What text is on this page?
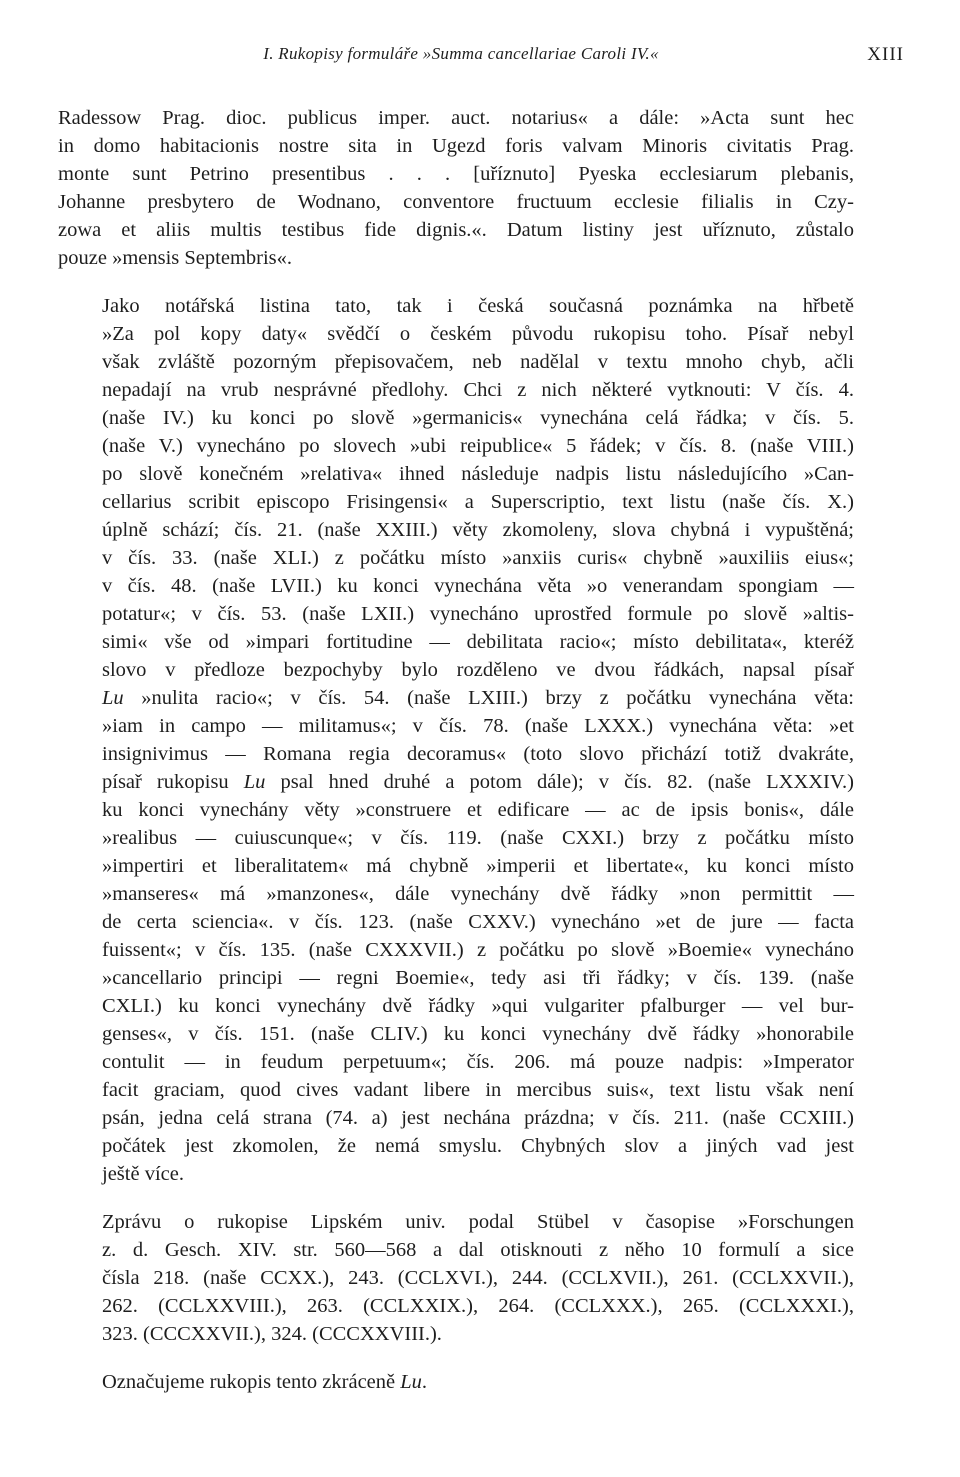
I. Rukopisy formulářе »Summa cancellariae Caroli IV.«	XIII

Radessow Prag. dioc. publicus imper. auct. notarius« a dále: »Acta sunt hec
in domo habitacionis nostre sita in Ugezd foris valvam Minoris civitatis Prag.
monte sunt Petrino presentibus . . . [uříznuto] Pyeska ecclesiarum plebanis,
Johanne presbytero de Wodnano, conventore fructuum ecclesie filialis in Czy-
zowa et aliis multis testibus fide dignis.«. Datum listiny jest uříznuto, zůstalo
pouze »mensis Septembris«.

Jako notářská listina tato, tak i česká současná poznámka na hřbetě
»Za pol kopy daty« svědčí o českém původu rukopisu toho. Písař nebyl
však zvláště pozorným přepisovačem, neb nadělal v textu mnoho chyb, ačli
nepadají na vrub nesprávné předlohy. Chci z nich některé vytknouti: V čís. 4.
(naše IV.) ku konci po slově »germanicis« vynechána celá řádka; v čís. 5.
(naše V.) vynecháno po slovech »ubi reipublice« 5 řádek; v čís. 8. (naše VIII.)
po slově konečném »relativa« ihned následuje nadpis listu následujícího »Can-
cellarius scribit episcopo Frisingensi« a Superscriptio, text listu (naše čís. X.)
úplně schází; čís. 21. (naše XXIII.) věty zkomoleny, slova chybná i vypuštěná;
v čís. 33. (naše XLI.) z počátku místo »anxiis curis« chybně »auxiliis eius«;
v čís. 48. (naše LVII.) ku konci vynechána věta »o venerandam spongiam —
potatur«; v čís. 53. (naše LXII.) vynecháno uprostřed formule po slově »altis-
simi« vše od »impari fortitudine — debilitata racio«; místo debilitata«, kteréž
slovo v předloze bezpochyby bylo rozděleno ve dvou řádkách, napsal písař
Lu »nulita racio«; v čís. 54. (naše LXIII.) brzy z počátku vynechána věta:
»iam in campo — militamus«; v čís. 78. (naše LXXX.) vynechána věta: »et
insignivimus — Romana regia decoramus« (toto slovo přichází totiž dvakráte,
písař rukopisu Lu psal hned druhé a potom dále); v čís. 82. (naše LXXXIV.)
ku konci vynechány věty »construere et edificare — ac de ipsis bonis«, dále
»realibus — cuiuscunque«; v čís. 119. (naše CXXI.) brzy z počátku místo
»impertiri et liberalitatem« má chybně »imperii et libertate«, ku konci místo
»manseres« má »manzones«, dále vynechány dvě řádky »non permittit —
de certa sciencia«. v čís. 123. (naše CXXV.) vynecháno »et de jure — facta
fuissent«; v čís. 135. (naše CXXXVII.) z počátku po slově »Boemie« vynecháno
»cancellario principi — regni Boemie«, tedy asi tři řádky; v čís. 139. (naše
CXLI.) ku konci vynechány dvě řádky »qui vulgariter pfalburger — vel bur-
genses«, v čís. 151. (naše CLIV.) ku konci vynechány dvě řádky »honorabile
contulit — in feudum perpetuum«; čís. 206. má pouze nadpis: »Imperator
facit graciam, quod cives vadant libere in mercibus suis«, text listu však není
psán, jedna celá strana (74. a) jest nechána prázdna; v čís. 211. (naše CCXIII.)
počátek jest zkomolen, že nemá smyslu. Chybných slov a jiných vad jest
ještě více.

Zprávu o rukopise Lipském univ. podal Stübel v časopise »Forschungen
z. d. Gesch. XIV. str. 560—568 a dal otisknouti z něho 10 formulí a sice
čísla 218. (naše CCXX.), 243. (CCLXVI.), 244. (CCLXVII.), 261. (CCLXXVII.),
262. (CCLXXVIII.), 263. (CCLXXIX.), 264. (CCLXXX.), 265. (CCLXXXI.),
323. (CCCXXVII.), 324. (CCCXXVIII.).

Označujeme rukopis tento zkráceně Lu.
